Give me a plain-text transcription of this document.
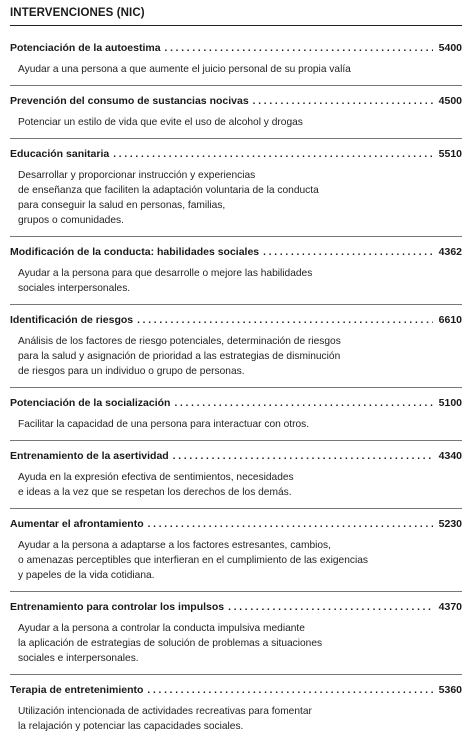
INTERVENCIONES (NIC)
Potenciación de la autoestima . . .	5400
Ayudar a una persona a que aumente el juicio personal de su propia valía
Prevención del consumo de sustancias nocivas . . .	4500
Potenciar un estilo de vida que evite el uso de alcohol y drogas
Educación sanitaria . . .	5510
Desarrollar y proporcionar instrucción y experiencias
de enseñanza que faciliten la adaptación voluntaria de la conducta
para conseguir la salud en personas, familias,
grupos o comunidades.
Modificación de la conducta: habilidades sociales . . .	4362
Ayudar a la persona para que desarrolle o mejore las habilidades
sociales interpersonales.
Identificación de riesgos . . .	6610
Análisis de los factores de riesgo potenciales, determinación de riesgos
para la salud y asignación de prioridad a las estrategias de disminución
de riesgos para un individuo o grupo de personas.
Potenciación de la socialización . . .	5100
Facilitar la capacidad de una persona para interactuar con otros.
Entrenamiento de la asertividad . . .	4340
Ayuda en la expresión efectiva de sentimientos, necesidades
e ideas a la vez que se respetan los derechos de los demás.
Aumentar el afrontamiento . . .	5230
Ayudar a la persona a adaptarse a los factores estresantes, cambios,
o amenazas perceptibles que interfieran en el cumplimiento de las exigencias
y papeles de la vida cotidiana.
Entrenamiento para controlar los impulsos . . .	4370
Ayudar a la persona a controlar la conducta impulsiva mediante
la aplicación de estrategias de solución de problemas a situaciones
sociales e interpersonales.
Terapia de entretenimiento . . .	5360
Utilización intencionada de actividades recreativas para fomentar
la relajación y potenciar las capacidades sociales.
